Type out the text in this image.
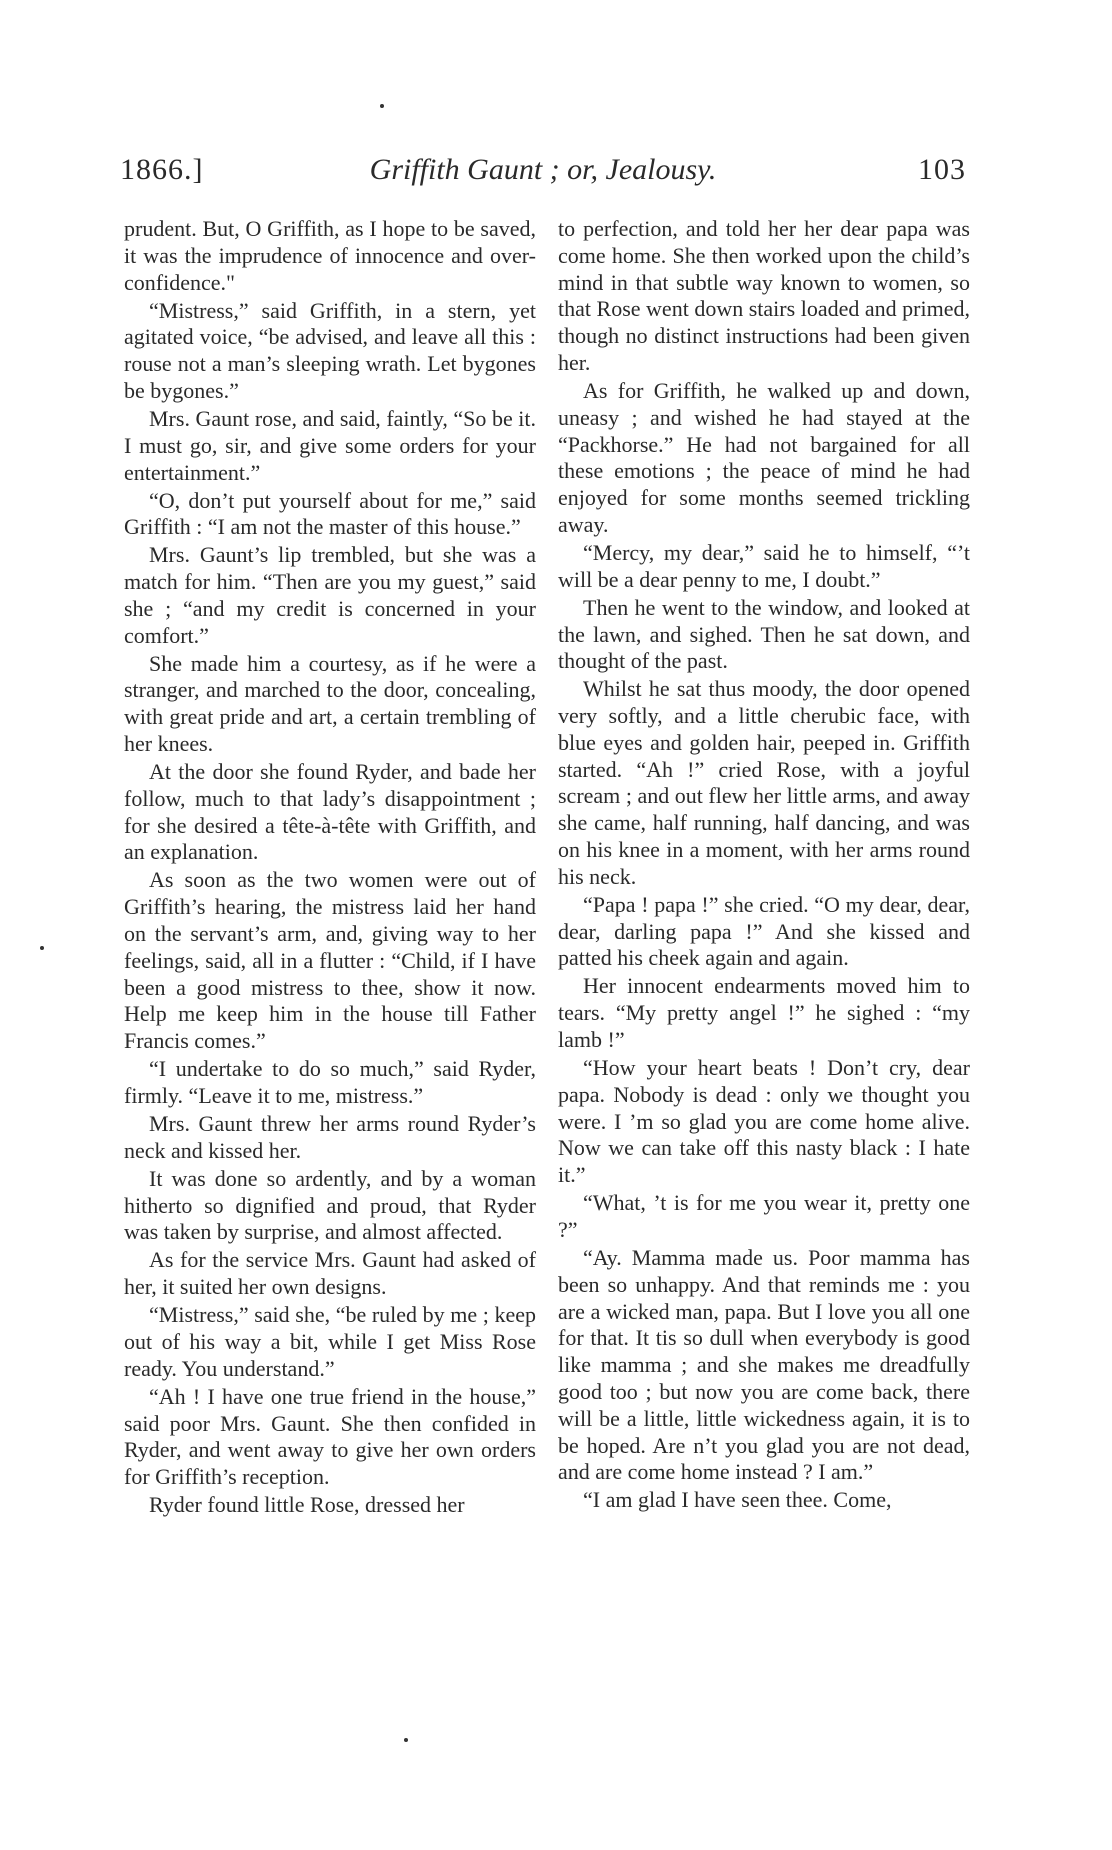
1866.]	Griffith Gaunt ; or, Jealousy.	103

prudent. But, O Griffith, as I hope to be saved, it was the imprudence of innocence and over-confidence."

“Mistress,” said Griffith, in a stern, yet agitated voice, “be advised, and leave all this : rouse not a man’s sleeping wrath. Let bygones be bygones.”

Mrs. Gaunt rose, and said, faintly, “So be it. I must go, sir, and give some orders for your entertainment.”

“O, don’t put yourself about for me,” said Griffith : “I am not the master of this house.”

Mrs. Gaunt’s lip trembled, but she was a match for him. “Then are you my guest,” said she ; “and my credit is concerned in your comfort.”

She made him a courtesy, as if he were a stranger, and marched to the door, concealing, with great pride and art, a certain trembling of her knees.

At the door she found Ryder, and bade her follow, much to that lady’s disappointment ; for she desired a tête-à-tête with Griffith, and an explanation.

As soon as the two women were out of Griffith’s hearing, the mistress laid her hand on the servant’s arm, and, giving way to her feelings, said, all in a flutter : “Child, if I have been a good mistress to thee, show it now. Help me keep him in the house till Father Francis comes.”

“I undertake to do so much,” said Ryder, firmly. “Leave it to me, mistress.”

Mrs. Gaunt threw her arms round Ryder’s neck and kissed her.

It was done so ardently, and by a woman hitherto so dignified and proud, that Ryder was taken by surprise, and almost affected.

As for the service Mrs. Gaunt had asked of her, it suited her own designs.

“Mistress,” said she, “be ruled by me ; keep out of his way a bit, while I get Miss Rose ready. You understand.”

“Ah ! I have one true friend in the house,” said poor Mrs. Gaunt. She then confided in Ryder, and went away to give her own orders for Griffith’s reception.

Ryder found little Rose, dressed her

to perfection, and told her her dear papa was come home. She then worked upon the child’s mind in that subtle way known to women, so that Rose went down stairs loaded and primed, though no distinct instructions had been given her.

As for Griffith, he walked up and down, uneasy ; and wished he had stayed at the “Packhorse.” He had not bargained for all these emotions ; the peace of mind he had enjoyed for some months seemed trickling away.

“Mercy, my dear,” said he to himself, “’t will be a dear penny to me, I doubt.”

Then he went to the window, and looked at the lawn, and sighed. Then he sat down, and thought of the past.

Whilst he sat thus moody, the door opened very softly, and a little cherubic face, with blue eyes and golden hair, peeped in. Griffith started. “Ah !” cried Rose, with a joyful scream ; and out flew her little arms, and away she came, half running, half dancing, and was on his knee in a moment, with her arms round his neck.

“Papa ! papa !” she cried. “O my dear, dear, dear, darling papa !” And she kissed and patted his cheek again and again.

Her innocent endearments moved him to tears. “My pretty angel !” he sighed : “my lamb !”

“How your heart beats ! Don’t cry, dear papa. Nobody is dead : only we thought you were. I ’m so glad you are come home alive. Now we can take off this nasty black : I hate it.”

“What, ’t is for me you wear it, pretty one ?”

“Ay. Mamma made us. Poor mamma has been so unhappy. And that reminds me : you are a wicked man, papa. But I love you all one for that. It tis so dull when everybody is good like mamma ; and she makes me dreadfully good too ; but now you are come back, there will be a little, little wickedness again, it is to be hoped. Are n’t you glad you are not dead, and are come home instead ? I am.”

“I am glad I have seen thee. Come,
